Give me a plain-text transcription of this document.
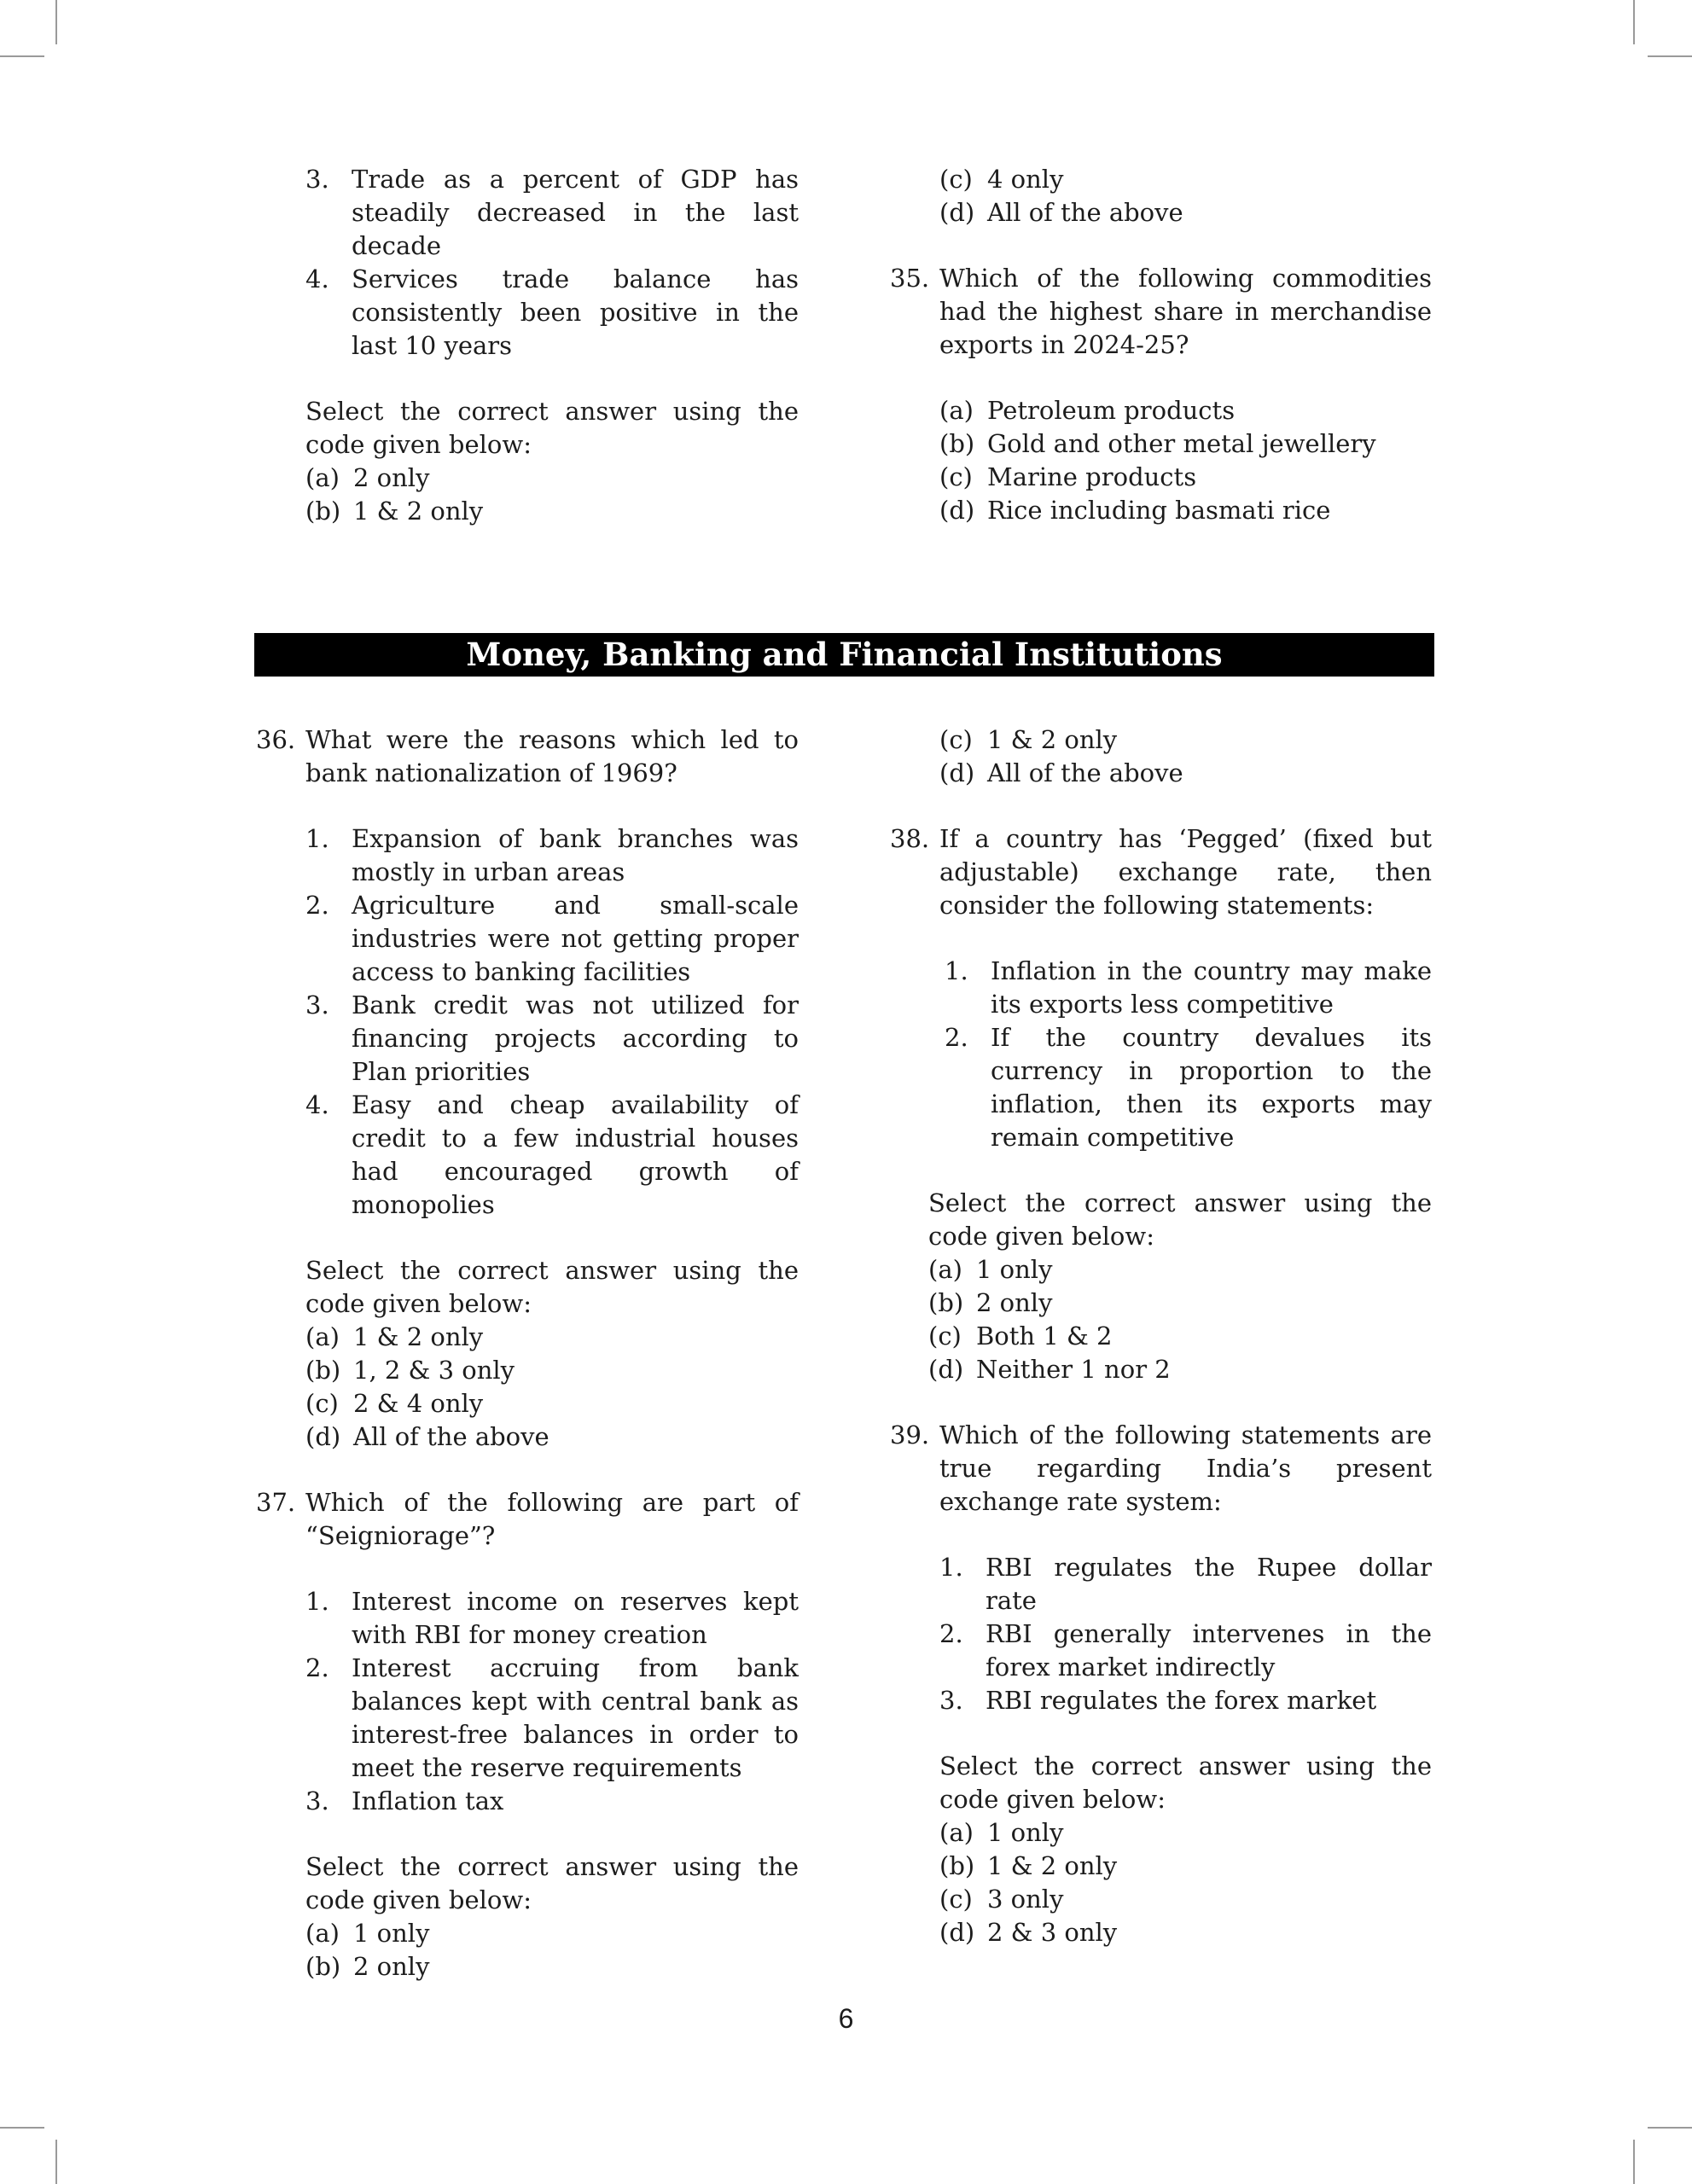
3. Trade as a percent of GDP has steadily decreased in the last decade
4. Services trade balance has consistently been positive in the last 10 years

Select the correct answer using the code given below:

(a) 2 only
(b) 1 & 2 only
(c) 4 only
(d) All of the above
35. Which of the following commodities had the highest share in merchandise exports in 2024-25?
(a) Petroleum products
(b) Gold and other metal jewellery
(c) Marine products
(d) Rice including basmati rice
Money, Banking and Financial Institutions
36. What were the reasons which led to bank nationalization of 1969?
1. Expansion of bank branches was mostly in urban areas
2. Agriculture and small-scale industries were not getting proper access to banking facilities
3. Bank credit was not utilized for financing projects according to Plan priorities
4. Easy and cheap availability of credit to a few industrial houses had encouraged growth of monopolies

Select the correct answer using the code given below:

(a) 1 & 2 only
(b) 1, 2 & 3 only
(c) 2 & 4 only
(d) All of the above
37. Which of the following are part of “Seigniorage”?
1. Interest income on reserves kept with RBI for money creation
2. Interest accruing from bank balances kept with central bank as interest-free balances in order to meet the reserve requirements
3. Inflation tax

Select the correct answer using the code given below:

(a) 1 only
(b) 2 only
(c) 1 & 2 only
(d) All of the above
38. If a country has ‘Pegged’ (fixed but adjustable) exchange rate, then consider the following statements:
1. Inflation in the country may make its exports less competitive
2. If the country devalues its currency in proportion to the inflation, then its exports may remain competitive

Select the correct answer using the code given below:

(a) 1 only
(b) 2 only
(c) Both 1 & 2
(d) Neither 1 nor 2
39. Which of the following statements are true regarding India’s present exchange rate system:
1. RBI regulates the Rupee dollar rate
2. RBI generally intervenes in the forex market indirectly
3. RBI regulates the forex market

Select the correct answer using the code given below:

(a) 1 only
(b) 1 & 2 only
(c) 3 only
(d) 2 & 3 only
6
